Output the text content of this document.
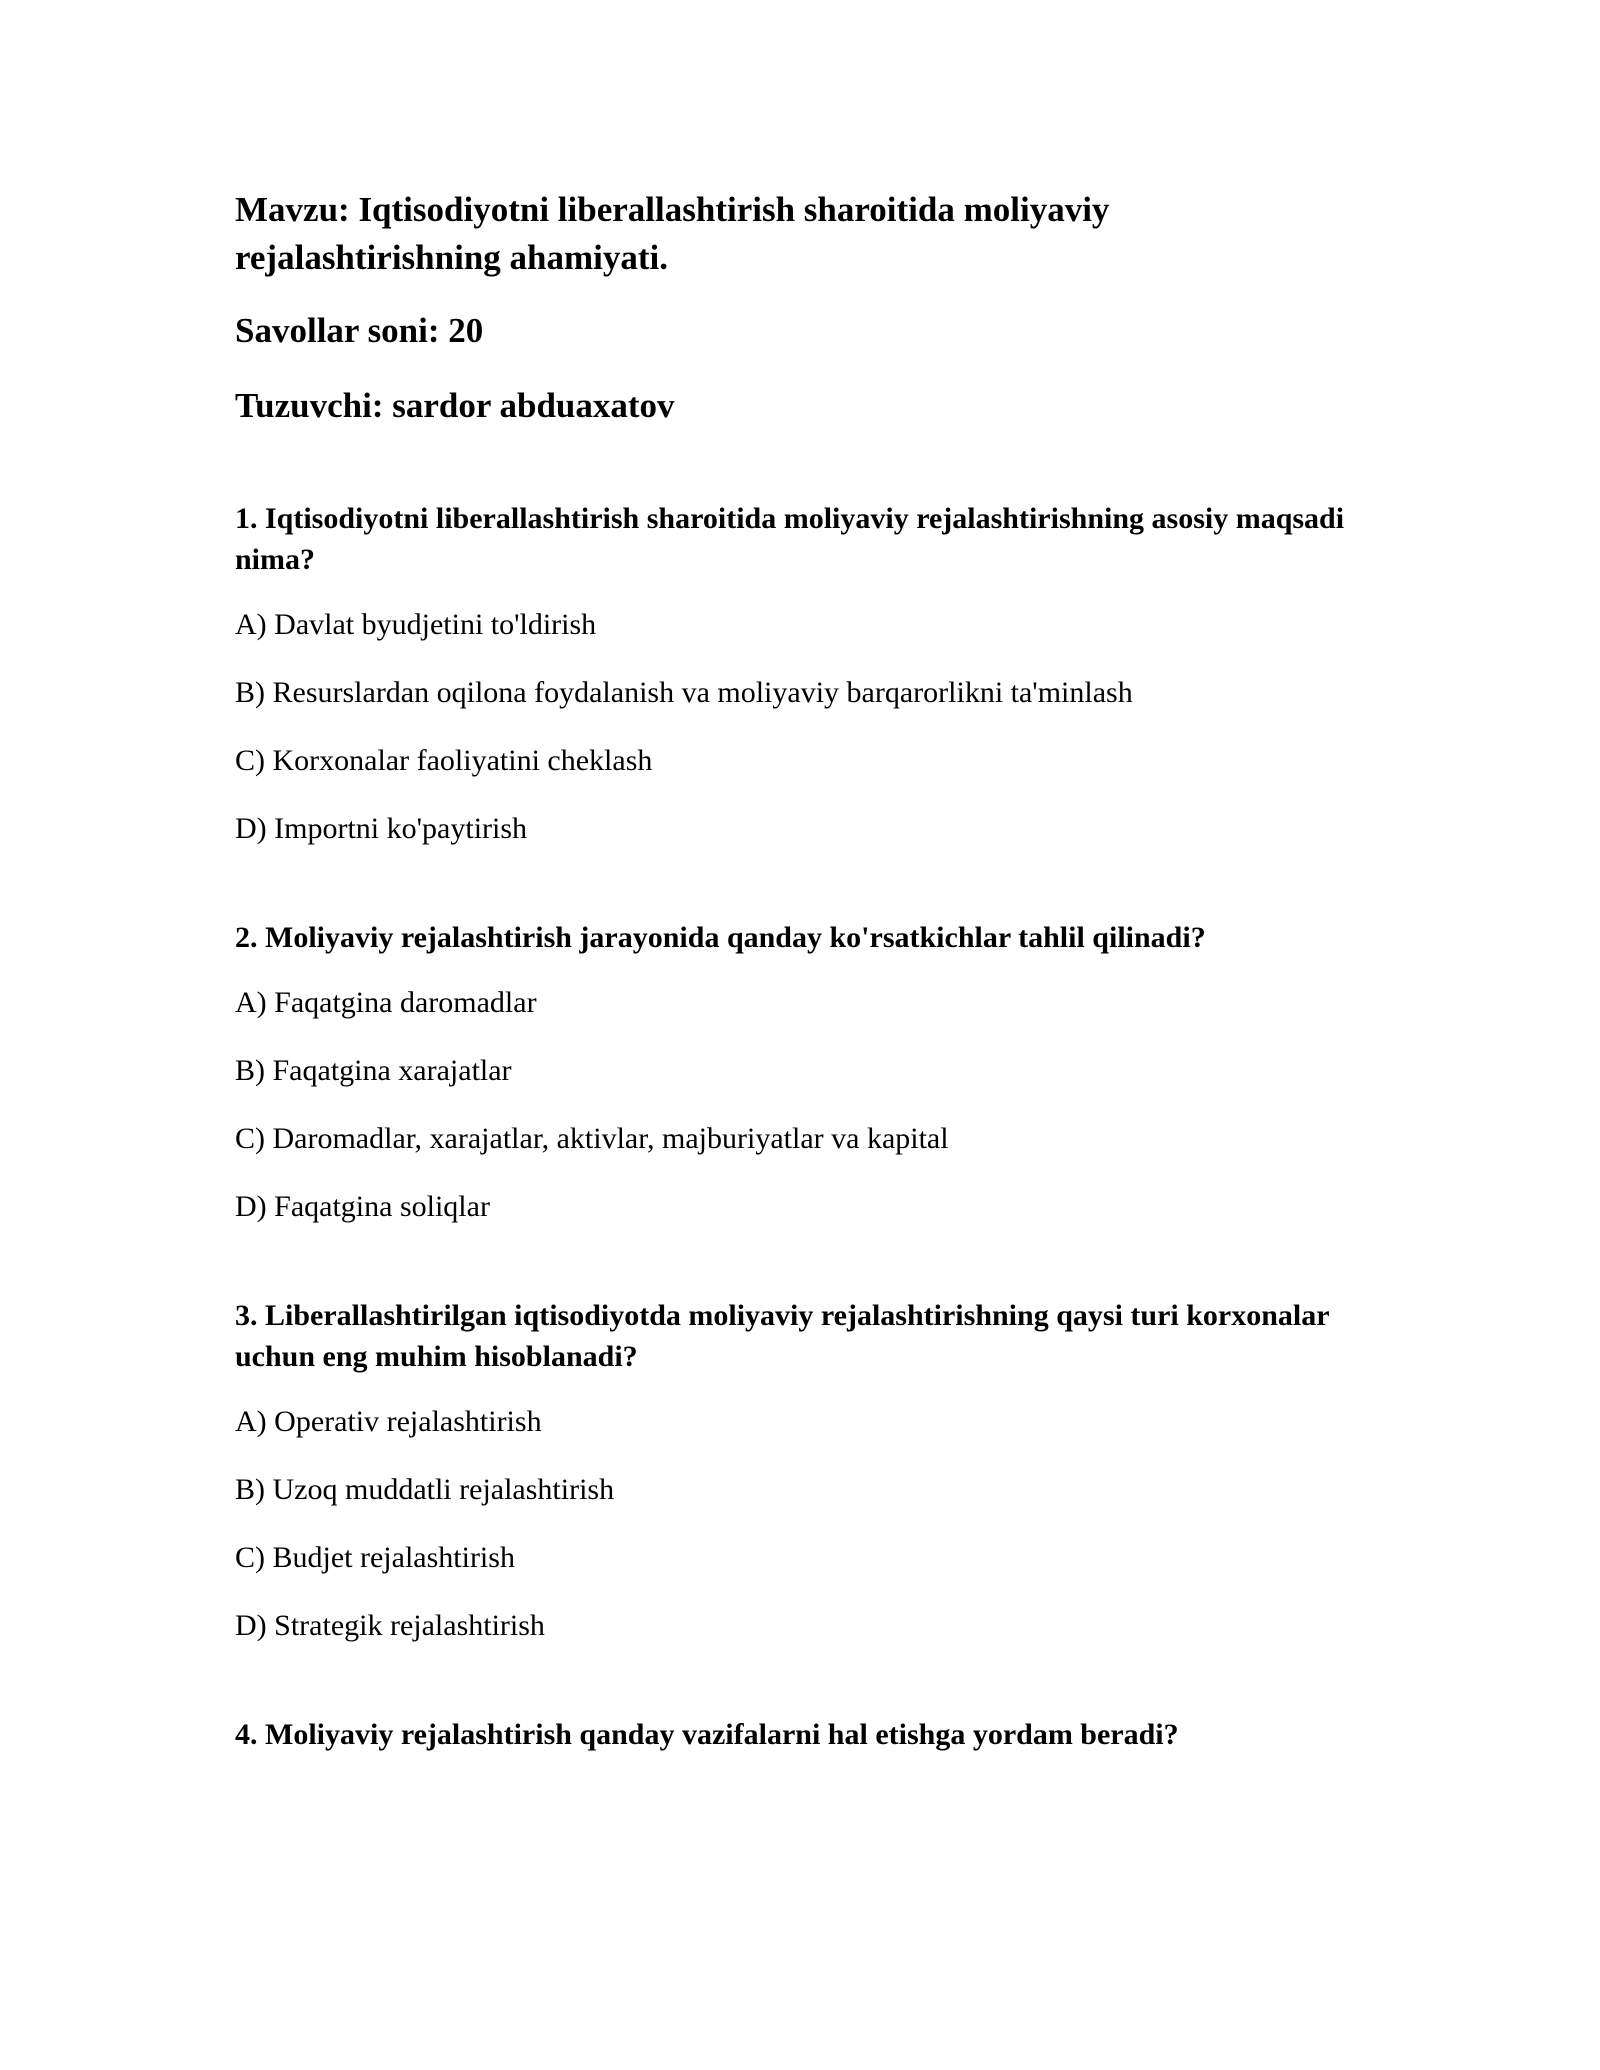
Mavzu: Iqtisodiyotni liberallashtirish sharoitida moliyaviy rejalashtirishning ahamiyati.

Savollar soni: 20

Tuzuvchi: sardor abduaxatov

1. Iqtisodiyotni liberallashtirish sharoitida moliyaviy rejalashtirishning asosiy maqsadi nima?

A) Davlat byudjetini to'ldirish

B) Resurslardan oqilona foydalanish va moliyaviy barqarorlikni ta'minlash

C) Korxonalar faoliyatini cheklash

D) Importni ko'paytirish

2. Moliyaviy rejalashtirish jarayonida qanday ko'rsatkichlar tahlil qilinadi?

A) Faqatgina daromadlar

B) Faqatgina xarajatlar

C) Daromadlar, xarajatlar, aktivlar, majburiyatlar va kapital

D) Faqatgina soliqlar

3. Liberallashtirilgan iqtisodiyotda moliyaviy rejalashtirishning qaysi turi korxonalar uchun eng muhim hisoblanadi?

A) Operativ rejalashtirish

B) Uzoq muddatli rejalashtirish

C) Budjet rejalashtirish

D) Strategik rejalashtirish

4. Moliyaviy rejalashtirish qanday vazifalarni hal etishga yordam beradi?
